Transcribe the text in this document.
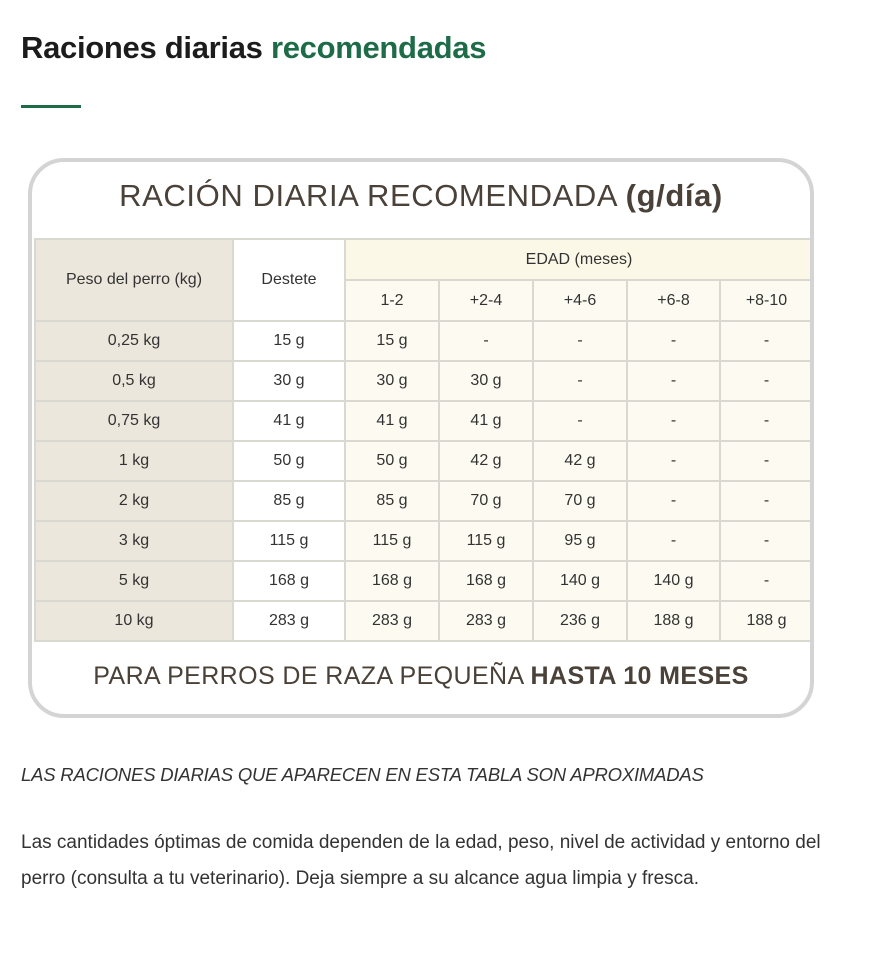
Raciones diarias recomendadas
RACIÓN DIARIA RECOMENDADA (g/día)
Peso del perro (kg)	Destete	EDAD (meses)				
		1-2	+2-4	+4-6	+6-8	+8-10
0,25 kg	15 g	15 g	-	-	-	-
0,5 kg	30 g	30 g	30 g	-	-	-
0,75 kg	41 g	41 g	41 g	-	-	-
1 kg	50 g	50 g	42 g	42 g	-	-
2 kg	85 g	85 g	70 g	70 g	-	-
3 kg	115 g	115 g	115 g	95 g	-	-
5 kg	168 g	168 g	168 g	140 g	140 g	-
10 kg	283 g	283 g	283 g	236 g	188 g	188 g
PARA PERROS DE RAZA PEQUEÑA HASTA 10 MESES

LAS RACIONES DIARIAS QUE APARECEN EN ESTA TABLA SON APROXIMADAS

Las cantidades óptimas de comida dependen de la edad, peso, nivel de actividad y entorno del perro (consulta a tu veterinario). Deja siempre a su alcance agua limpia y fresca.
